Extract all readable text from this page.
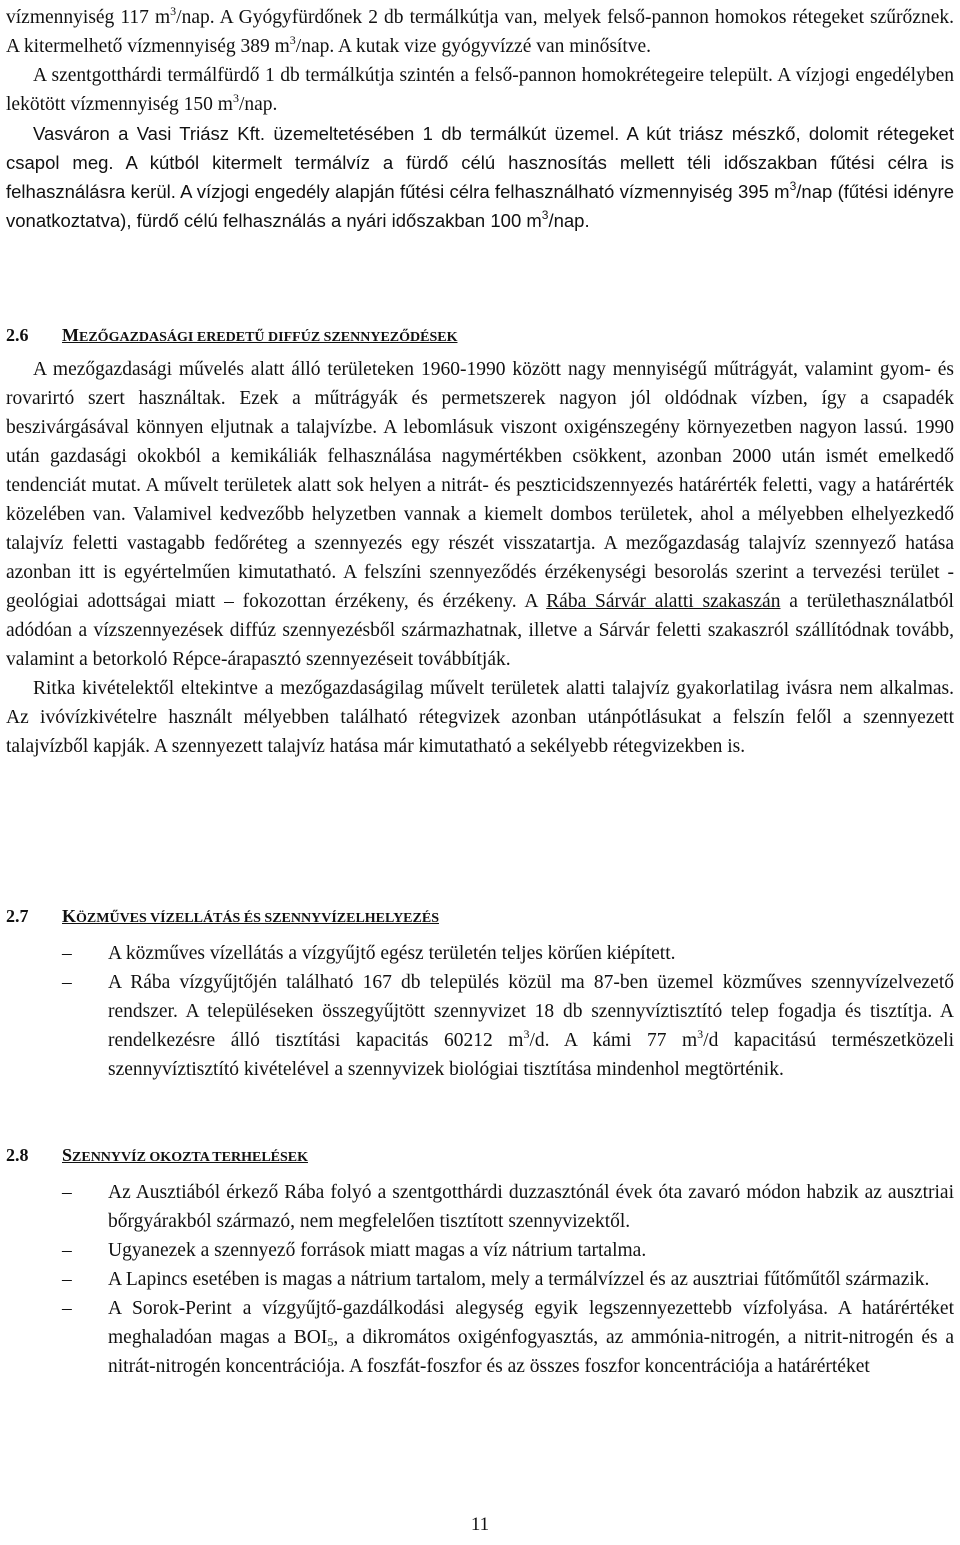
vízmennyiség 117 $m^3$/nap. A Gyógyfürdőnek 2 db termálkútja van, melyek felső-pannon homokos rétegeket szűrőznek. A kitermelhető vízmennyiség 389 $m^3$/nap. A kutak vize gyógyvízzé van minősítve.

A szentgotthárdi termálfürdő 1 db termálkútja szintén a felső-pannon homokrétegeire települt. A vízjogi engedélyben lekötött vízmennyiség 150 $m^3$/nap.

Vasváron a Vasi Triász Kft. üzemeltetésében 1 db termálkút üzemel. A kút triász mészkő, dolomit rétegeket csapol meg. A kútból kitermelt termálvíz a fürdő célú hasznosítás mellett téli időszakban fűtési célra is felhasználásra kerül. A vízjogi engedély alapján fűtési célra felhasználható vízmennyiség 395 $m^3$/nap (fűtési idényre vonatkoztatva), fürdő célú felhasználás a nyári időszakban 100 $m^3$/nap.

2.6 MEZŐGAZDASÁGI EREDETŰ DIFFÚZ SZENNYEZŐDÉSEK

A mezőgazdasági művelés alatt álló területeken 1960-1990 között nagy mennyiségű műtrágyát, valamint gyom- és rovarirtó szert használtak. Ezek a műtrágyák és permetszerek nagyon jól oldódnak vízben, így a csapadék beszivárgásával könnyen eljutnak a talajvízbe. A lebomlásuk viszont oxigénszegény környezetben nagyon lassú. 1990 után gazdasági okokból a kemikáliák felhasználása nagymértékben csökkent, azonban 2000 után ismét emelkedő tendenciát mutat. A művelt területek alatt sok helyen a nitrát- és peszticidszennyezés határérték feletti, vagy a határérték közelében van. Valamivel kedvezőbb helyzetben vannak a kiemelt dombos területek, ahol a mélyebben elhelyezkedő talajvíz feletti vastagabb fedőréteg a szennyezés egy részét visszatartja. A mezőgazdaság talajvíz szennyező hatása azonban itt is egyértelműen kimutatható. A felszíni szennyeződés érzékenységi besorolás szerint a tervezési terület - geológiai adottságai miatt – fokozottan érzékeny, és érzékeny. A Rába Sárvár alatti szakaszán a területhasználatból adódóan a vízszennyezések diffúz szennyezésből származhatnak, illetve a Sárvár feletti szakaszról szállítódnak tovább, valamint a betorkoló Répce-árapasztó szennyezéseit továbbítják.

Ritka kivételektől eltekintve a mezőgazdaságilag művelt területek alatti talajvíz gyakorlatilag ivásra nem alkalmas. Az ivóvízkivételre használt mélyebben található rétegvizek azonban utánpótlásukat a felszín felől a szennyezett talajvízből kapják. A szennyezett talajvíz hatása már kimutatható a sekélyebb rétegvizekben is.

2.7 KÖZMŰVES VÍZELLÁTÁS ÉS SZENNYVÍZELHELYEZÉS
– A közműves vízellátás a vízgyűjtő egész területén teljes körűen kiépített.
– A Rába vízgyűjtőjén található 167 db település közül ma 87-ben üzemel közműves szennyvízelvezető rendszer. A településeken összegyűjtött szennyvizet 18 db szennyvíztisztító telep fogadja és tisztítja. A rendelkezésre álló tisztítási kapacitás 60212 $m^3/d$. A kámi 77 $m^3/d$ kapacitású természetközeli szennyvíztisztító kivételével a szennyvizek biológiai tisztítása mindenhol megtörténik.
2.8 SZENNYVÍZ OKOZTA TERHELÉSEK
– Az Ausztiából érkező Rába folyó a szentgotthárdi duzzasztónál évek óta zavaró módon habzik az ausztriai bőrgyárakból származó, nem megfelelően tisztított szennyvizektől.
– Ugyanezek a szennyező források miatt magas a víz nátrium tartalma.
– A Lapincs esetében is magas a nátrium tartalom, mely a termálvízzel és az ausztriai fűtőműtől származik.
– A Sorok-Perint a vízgyűjtő-gazdálkodási alegység egyik legszennyezettebb vízfolyása. A határértéket meghaladóan magas a $BOI_5$, a dikromátos oxigénfogyasztás, az ammónia-nitrogén, a nitrit-nitrogén és a nitrát-nitrogén koncentrációja. A foszfát-foszfor és az összes foszfor koncentrációja a határértéket
11
